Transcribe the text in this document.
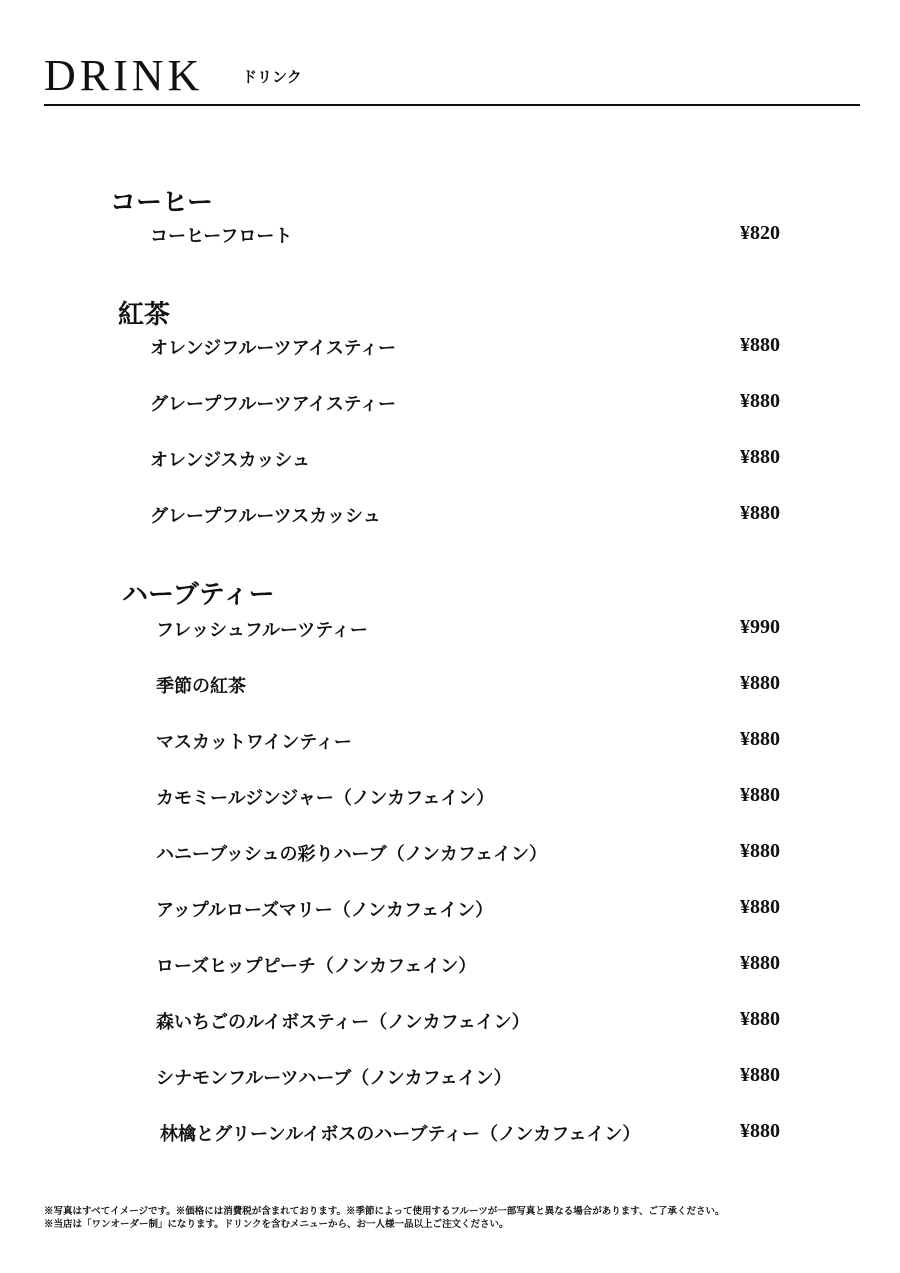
DRINK	ドリンク
コーヒー
コーヒーフロート	¥820
紅茶
オレンジフルーツアイスティー	¥880
グレープフルーツアイスティー	¥880
オレンジスカッシュ	¥880
グレープフルーツスカッシュ	¥880
ハーブティー
フレッシュフルーツティー	¥990
季節の紅茶	¥880
マスカットワインティー	¥880
カモミールジンジャー（ノンカフェイン）	¥880
ハニーブッシュの彩りハーブ（ノンカフェイン）	¥880
アップルローズマリー（ノンカフェイン）	¥880
ローズヒップピーチ（ノンカフェイン）	¥880
森いちごのルイボスティー（ノンカフェイン）	¥880
シナモンフルーツハーブ（ノンカフェイン）	¥880
林檎とグリーンルイボスのハーブティー（ノンカフェイン）	¥880
※写真はすべてイメージです。※価格には消費税が含まれております。※季節によって使用するフルーツが一部写真と異なる場合があります、ご了承ください。
※当店は「ワンオーダー制」になります。ドリンクを含むメニューから、お一人様一品以上ご注文ください。
